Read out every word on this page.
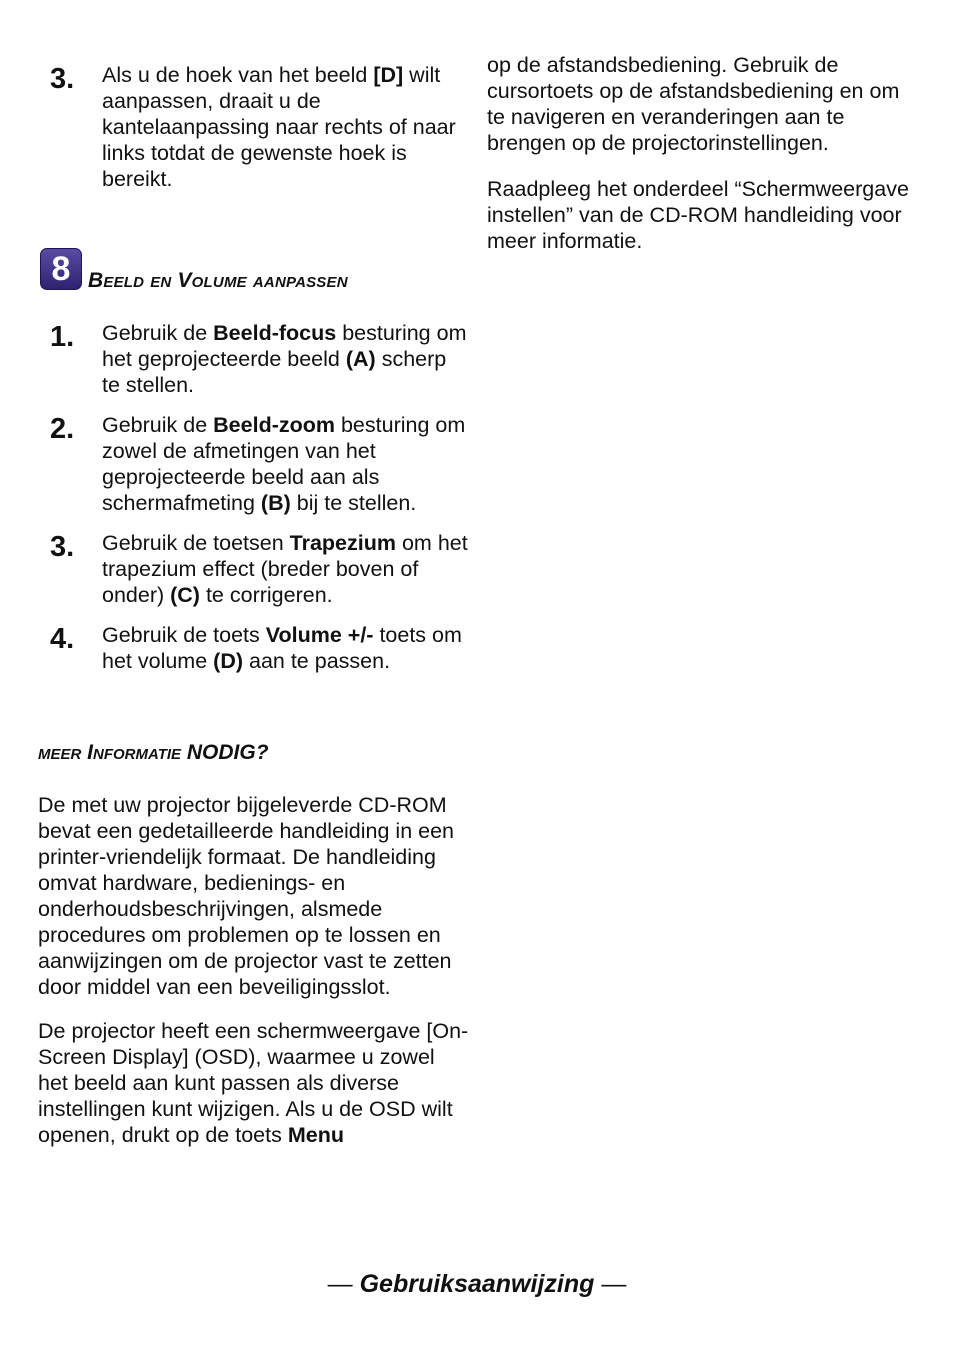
3. Als u de hoek van het beeld [D] wilt aanpassen, draait u de kantelaanpassing naar rechts of naar links totdat de gewenste hoek is bereikt.
8 Beeld en Volume aanpassen
1. Gebruik de Beeld-focus besturing om het geprojecteerde beeld (A) scherp te stellen.
2. Gebruik de Beeld-zoom besturing om zowel de afmetingen van het geprojecteerde beeld aan als schermafmeting (B) bij te stellen.
3. Gebruik de toetsen Trapezium om het trapezium effect (breder boven of onder) (C) te corrigeren.
4. Gebruik de toets Volume +/- toets om het volume (D) aan te passen.

meer Informatie NODIG?

De met uw projector bijgeleverde CD-ROM bevat een gedetailleerde handleiding in een printer-vriendelijk formaat. De handleiding omvat hardware, bedienings- en onderhoudsbeschrijvingen, alsmede procedures om problemen op te lossen en aanwijzingen om de projector vast te zetten door middel van een beveiligingsslot.

De projector heeft een schermweergave [On-Screen Display] (OSD), waarmee u zowel het beeld aan kunt passen als diverse instellingen kunt wijzigen. Als u de OSD wilt openen, drukt op de toets Menu

op de afstandsbediening. Gebruik de cursortoets op de afstandsbediening en om te navigeren en veranderingen aan te brengen op de projectorinstellingen.

Raadpleeg het onderdeel “Schermweergave instellen” van de CD-ROM handleiding voor meer informatie.

— Gebruiksaanwijzing —
